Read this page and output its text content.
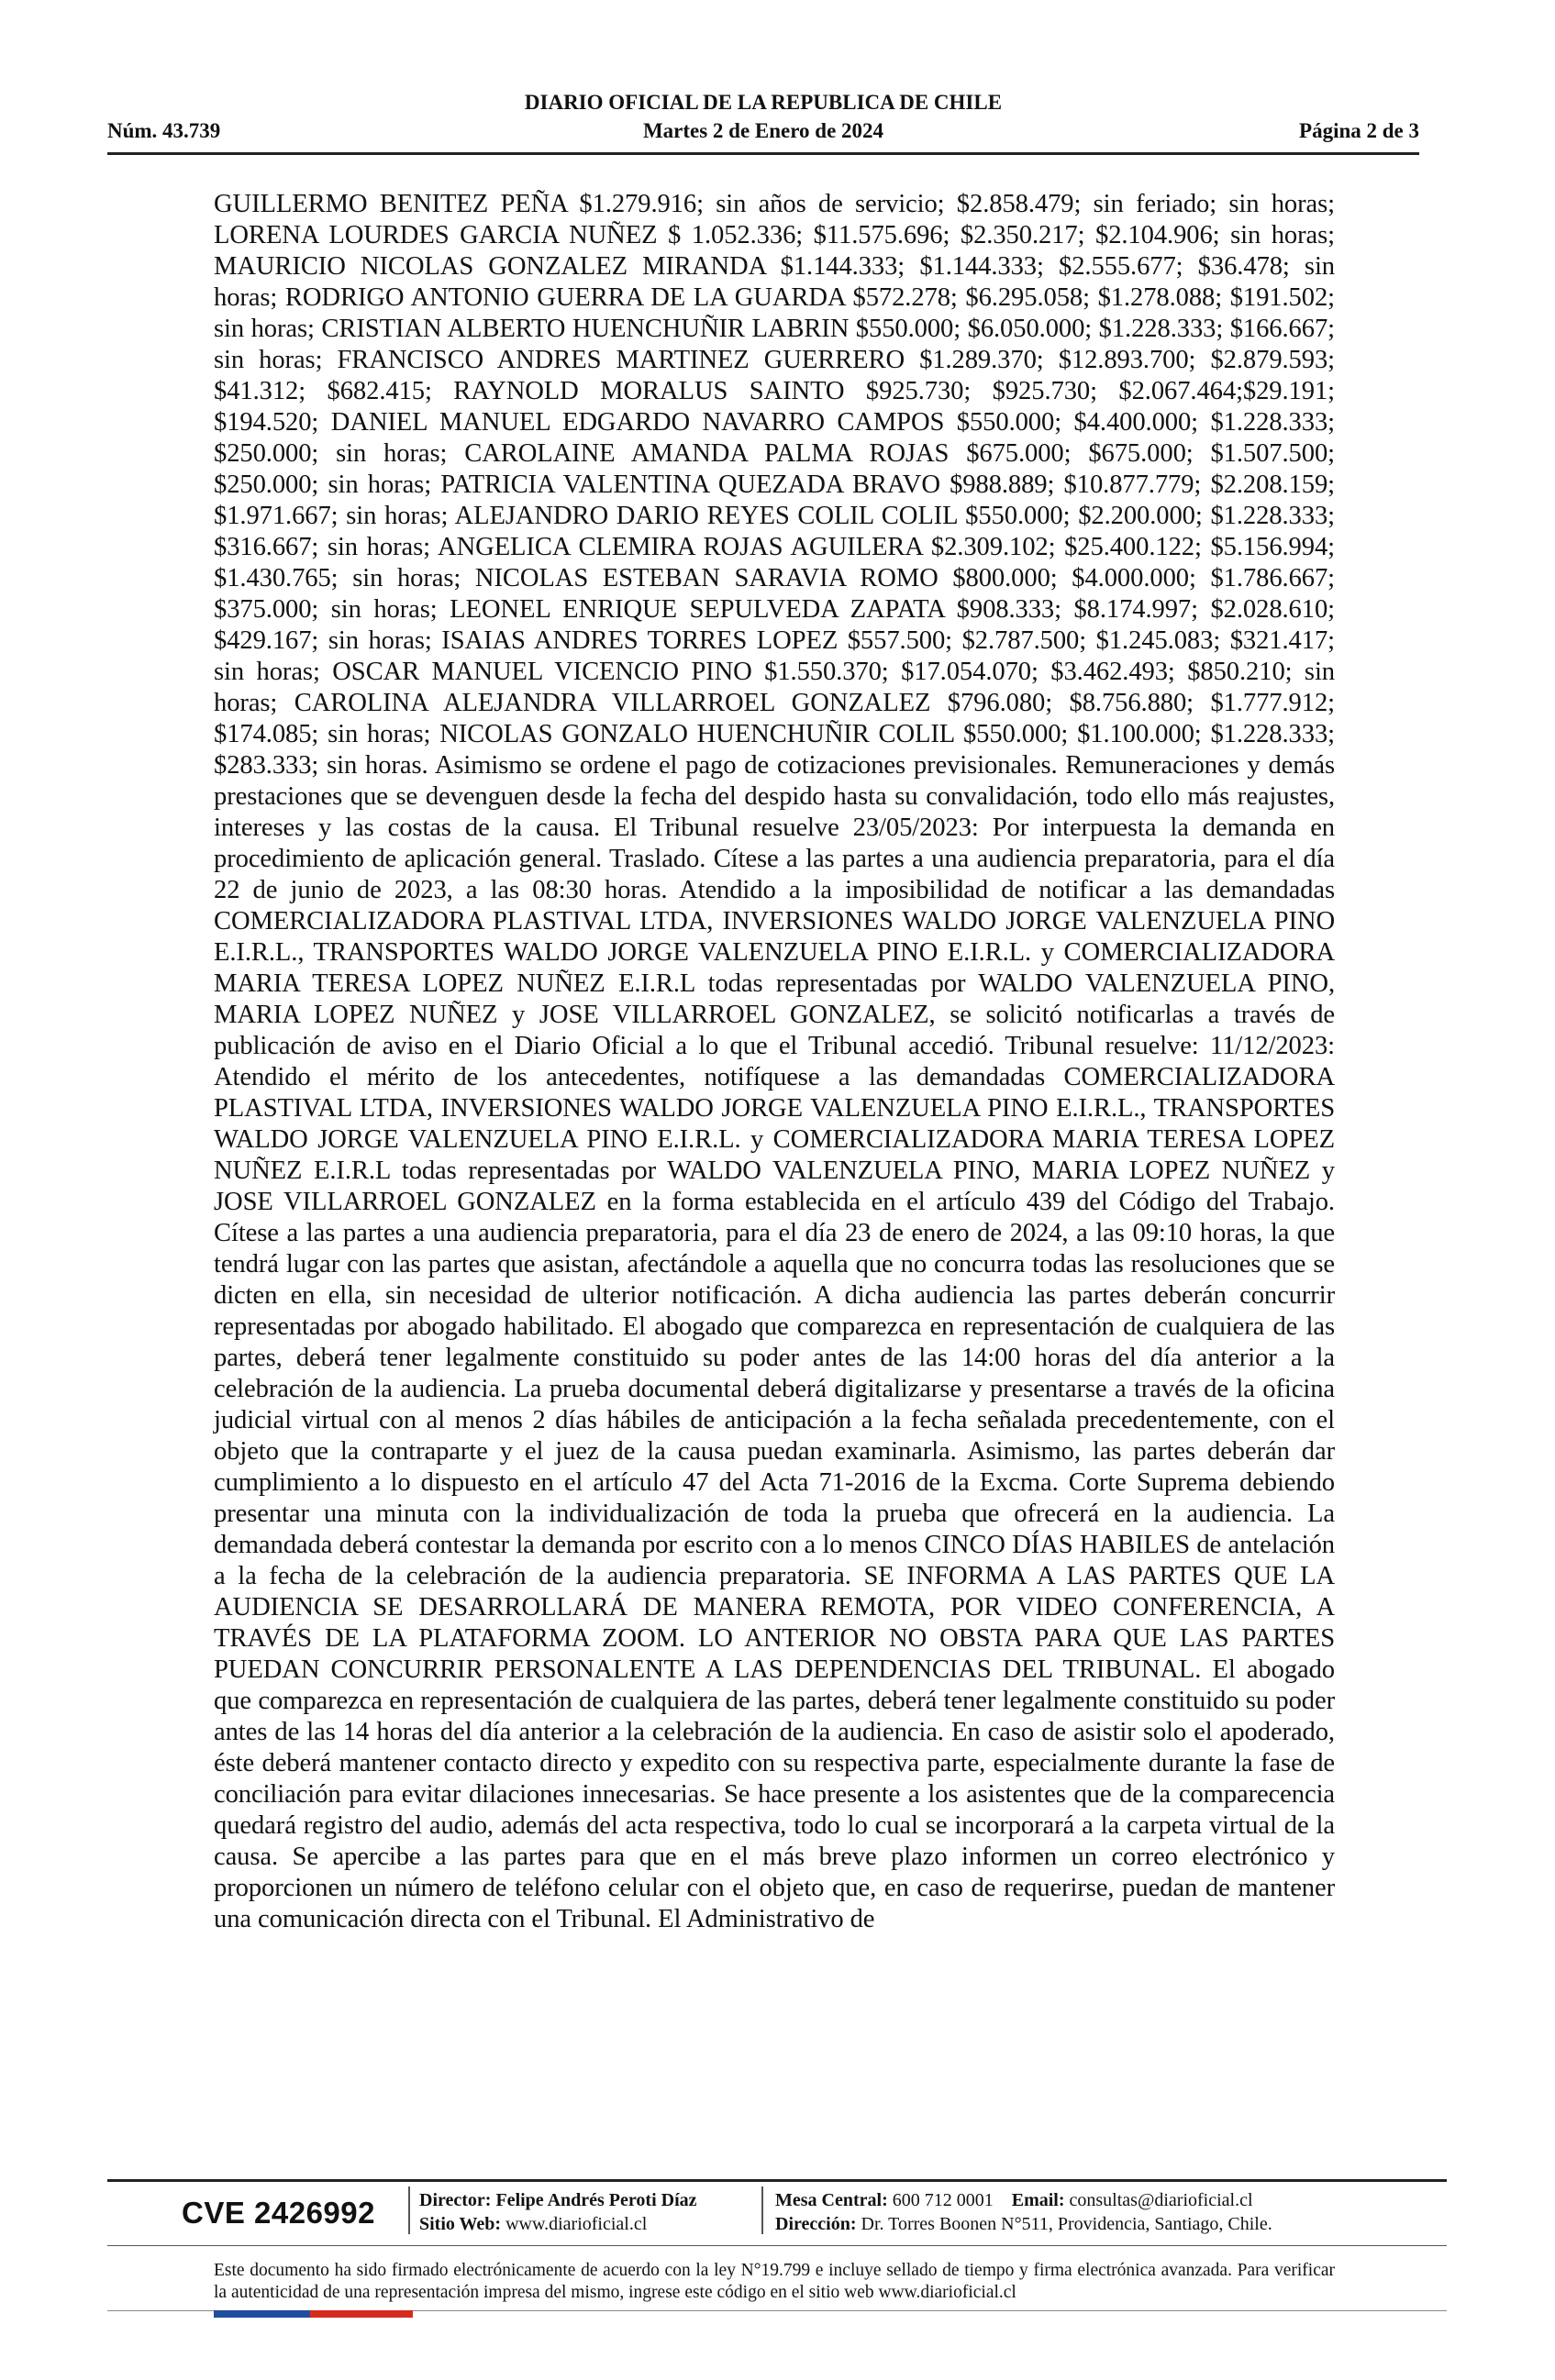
DIARIO OFICIAL DE LA REPUBLICA DE CHILE
Martes 2 de Enero de 2024
Núm. 43.739	Página 2 de 3

GUILLERMO BENITEZ PEÑA $1.279.916; sin años de servicio; $2.858.479; sin feriado; sin horas; LORENA LOURDES GARCIA NUÑEZ $ 1.052.336; $11.575.696; $2.350.217; $2.104.906; sin horas; MAURICIO NICOLAS GONZALEZ MIRANDA $1.144.333; $1.144.333; $2.555.677; $36.478; sin horas; RODRIGO ANTONIO GUERRA DE LA GUARDA $572.278; $6.295.058; $1.278.088; $191.502; sin horas; CRISTIAN ALBERTO HUENCHUÑIR LABRIN $550.000; $6.050.000; $1.228.333; $166.667; sin horas; FRANCISCO ANDRES MARTINEZ GUERRERO $1.289.370; $12.893.700; $2.879.593; $41.312; $682.415; RAYNOLD MORALUS SAINTO $925.730; $925.730; $2.067.464;$29.191; $194.520; DANIEL MANUEL EDGARDO NAVARRO CAMPOS $550.000; $4.400.000; $1.228.333; $250.000; sin horas; CAROLAINE AMANDA PALMA ROJAS $675.000; $675.000; $1.507.500; $250.000; sin horas; PATRICIA VALENTINA QUEZADA BRAVO $988.889; $10.877.779; $2.208.159; $1.971.667; sin horas; ALEJANDRO DARIO REYES COLIL COLIL $550.000; $2.200.000; $1.228.333; $316.667; sin horas; ANGELICA CLEMIRA ROJAS AGUILERA $2.309.102; $25.400.122; $5.156.994; $1.430.765; sin horas; NICOLAS ESTEBAN SARAVIA ROMO $800.000; $4.000.000; $1.786.667; $375.000; sin horas; LEONEL ENRIQUE SEPULVEDA ZAPATA $908.333; $8.174.997; $2.028.610; $429.167; sin horas; ISAIAS ANDRES TORRES LOPEZ $557.500; $2.787.500; $1.245.083; $321.417; sin horas; OSCAR MANUEL VICENCIO PINO $1.550.370; $17.054.070; $3.462.493; $850.210; sin horas; CAROLINA ALEJANDRA VILLARROEL GONZALEZ $796.080; $8.756.880; $1.777.912; $174.085; sin horas; NICOLAS GONZALO HUENCHUÑIR COLIL $550.000; $1.100.000; $1.228.333; $283.333; sin horas. Asimismo se ordene el pago de cotizaciones previsionales. Remuneraciones y demás prestaciones que se devenguen desde la fecha del despido hasta su convalidación, todo ello más reajustes, intereses y las costas de la causa. El Tribunal resuelve 23/05/2023: Por interpuesta la demanda en procedimiento de aplicación general. Traslado. Cítese a las partes a una audiencia preparatoria, para el día 22 de junio de 2023, a las 08:30 horas. Atendido a la imposibilidad de notificar a las demandadas COMERCIALIZADORA PLASTIVAL LTDA, INVERSIONES WALDO JORGE VALENZUELA PINO E.I.R.L., TRANSPORTES WALDO JORGE VALENZUELA PINO E.I.R.L. y COMERCIALIZADORA MARIA TERESA LOPEZ NUÑEZ E.I.R.L todas representadas por WALDO VALENZUELA PINO, MARIA LOPEZ NUÑEZ y JOSE VILLARROEL GONZALEZ, se solicitó notificarlas a través de publicación de aviso en el Diario Oficial a lo que el Tribunal accedió. Tribunal resuelve: 11/12/2023: Atendido el mérito de los antecedentes, notifíquese a las demandadas COMERCIALIZADORA PLASTIVAL LTDA, INVERSIONES WALDO JORGE VALENZUELA PINO E.I.R.L., TRANSPORTES WALDO JORGE VALENZUELA PINO E.I.R.L. y COMERCIALIZADORA MARIA TERESA LOPEZ NUÑEZ E.I.R.L todas representadas por WALDO VALENZUELA PINO, MARIA LOPEZ NUÑEZ y JOSE VILLARROEL GONZALEZ en la forma establecida en el artículo 439 del Código del Trabajo. Cítese a las partes a una audiencia preparatoria, para el día 23 de enero de 2024, a las 09:10 horas, la que tendrá lugar con las partes que asistan, afectándole a aquella que no concurra todas las resoluciones que se dicten en ella, sin necesidad de ulterior notificación. A dicha audiencia las partes deberán concurrir representadas por abogado habilitado. El abogado que comparezca en representación de cualquiera de las partes, deberá tener legalmente constituido su poder antes de las 14:00 horas del día anterior a la celebración de la audiencia. La prueba documental deberá digitalizarse y presentarse a través de la oficina judicial virtual con al menos 2 días hábiles de anticipación a la fecha señalada precedentemente, con el objeto que la contraparte y el juez de la causa puedan examinarla. Asimismo, las partes deberán dar cumplimiento a lo dispuesto en el artículo 47 del Acta 71-2016 de la Excma. Corte Suprema debiendo presentar una minuta con la individualización de toda la prueba que ofrecerá en la audiencia. La demandada deberá contestar la demanda por escrito con a lo menos CINCO DÍAS HABILES de antelación a la fecha de la celebración de la audiencia preparatoria. SE INFORMA A LAS PARTES QUE LA AUDIENCIA SE DESARROLLARÁ DE MANERA REMOTA, POR VIDEO CONFERENCIA, A TRAVÉS DE LA PLATAFORMA ZOOM. LO ANTERIOR NO OBSTA PARA QUE LAS PARTES PUEDAN CONCURRIR PERSONALENTE A LAS DEPENDENCIAS DEL TRIBUNAL. El abogado que comparezca en representación de cualquiera de las partes, deberá tener legalmente constituido su poder antes de las 14 horas del día anterior a la celebración de la audiencia. En caso de asistir solo el apoderado, éste deberá mantener contacto directo y expedito con su respectiva parte, especialmente durante la fase de conciliación para evitar dilaciones innecesarias. Se hace presente a los asistentes que de la comparecencia quedará registro del audio, además del acta respectiva, todo lo cual se incorporará a la carpeta virtual de la causa. Se apercibe a las partes para que en el más breve plazo informen un correo electrónico y proporcionen un número de teléfono celular con el objeto que, en caso de requerirse, puedan de mantener una comunicación directa con el Tribunal. El Administrativo de

CVE 2426992 Director: Felipe Andrés Peroti Díaz
Sitio Web: www.diarioficial.cl
Mesa Central: 600 712 0001 Email: consultas@diarioficial.cl
Dirección: Dr. Torres Boonen N°511, Providencia, Santiago, Chile.
Este documento ha sido firmado electrónicamente de acuerdo con la ley N°19.799 e incluye sellado de tiempo y firma electrónica avanzada. Para verificar la autenticidad de una representación impresa del mismo, ingrese este código en el sitio web www.diarioficial.cl
